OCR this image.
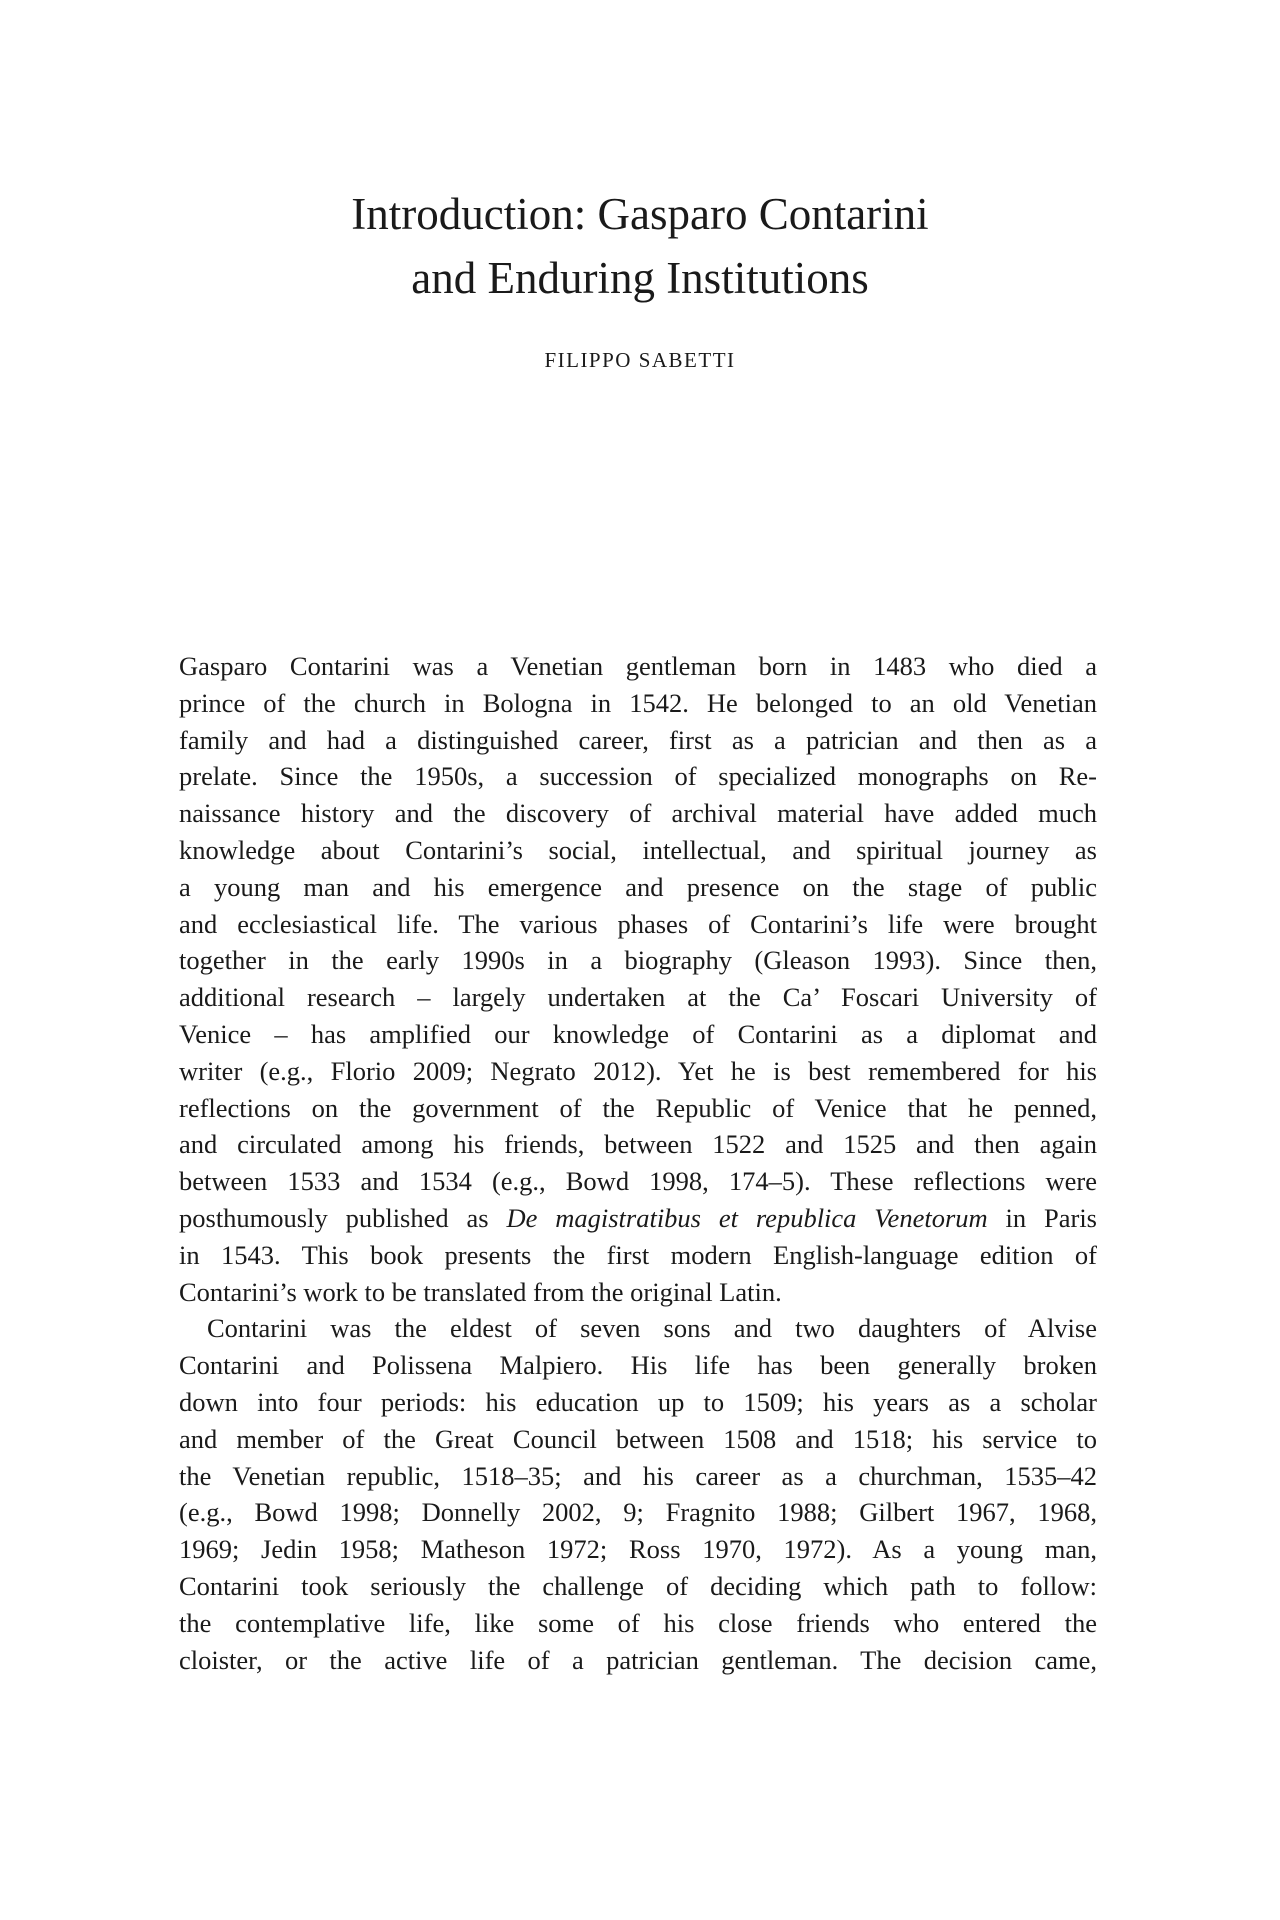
Introduction: Gasparo Contarini
and Enduring Institutions
FILIPPO SABETTI
Gasparo Contarini was a Venetian gentleman born in 1483 who died a
prince of the church in Bologna in 1542. He belonged to an old Venetian
family and had a distinguished career, first as a patrician and then as a
prelate. Since the 1950s, a succession of specialized monographs on Re-
naissance history and the discovery of archival material have added much
knowledge about Contarini’s social, intellectual, and spiritual journey as
a young man and his emergence and presence on the stage of public
and ecclesiastical life. The various phases of Contarini’s life were brought
together in the early 1990s in a biography (Gleason 1993). Since then,
additional research – largely undertaken at the Ca’ Foscari University of
Venice – has amplified our knowledge of Contarini as a diplomat and
writer (e.g., Florio 2009; Negrato 2012). Yet he is best remembered for his
reflections on the government of the Republic of Venice that he penned,
and circulated among his friends, between 1522 and 1525 and then again
between 1533 and 1534 (e.g., Bowd 1998, 174–5). These reflections were
posthumously published as De magistratibus et republica Venetorum in Paris
in 1543. This book presents the first modern English-language edition of
Contarini’s work to be translated from the original Latin.
Contarini was the eldest of seven sons and two daughters of Alvise
Contarini and Polissena Malpiero. His life has been generally broken
down into four periods: his education up to 1509; his years as a scholar
and member of the Great Council between 1508 and 1518; his service to
the Venetian republic, 1518–35; and his career as a churchman, 1535–42
(e.g., Bowd 1998; Donnelly 2002, 9; Fragnito 1988; Gilbert 1967, 1968,
1969; Jedin 1958; Matheson 1972; Ross 1970, 1972). As a young man,
Contarini took seriously the challenge of deciding which path to follow:
the contemplative life, like some of his close friends who entered the
cloister, or the active life of a patrician gentleman. The decision came,
